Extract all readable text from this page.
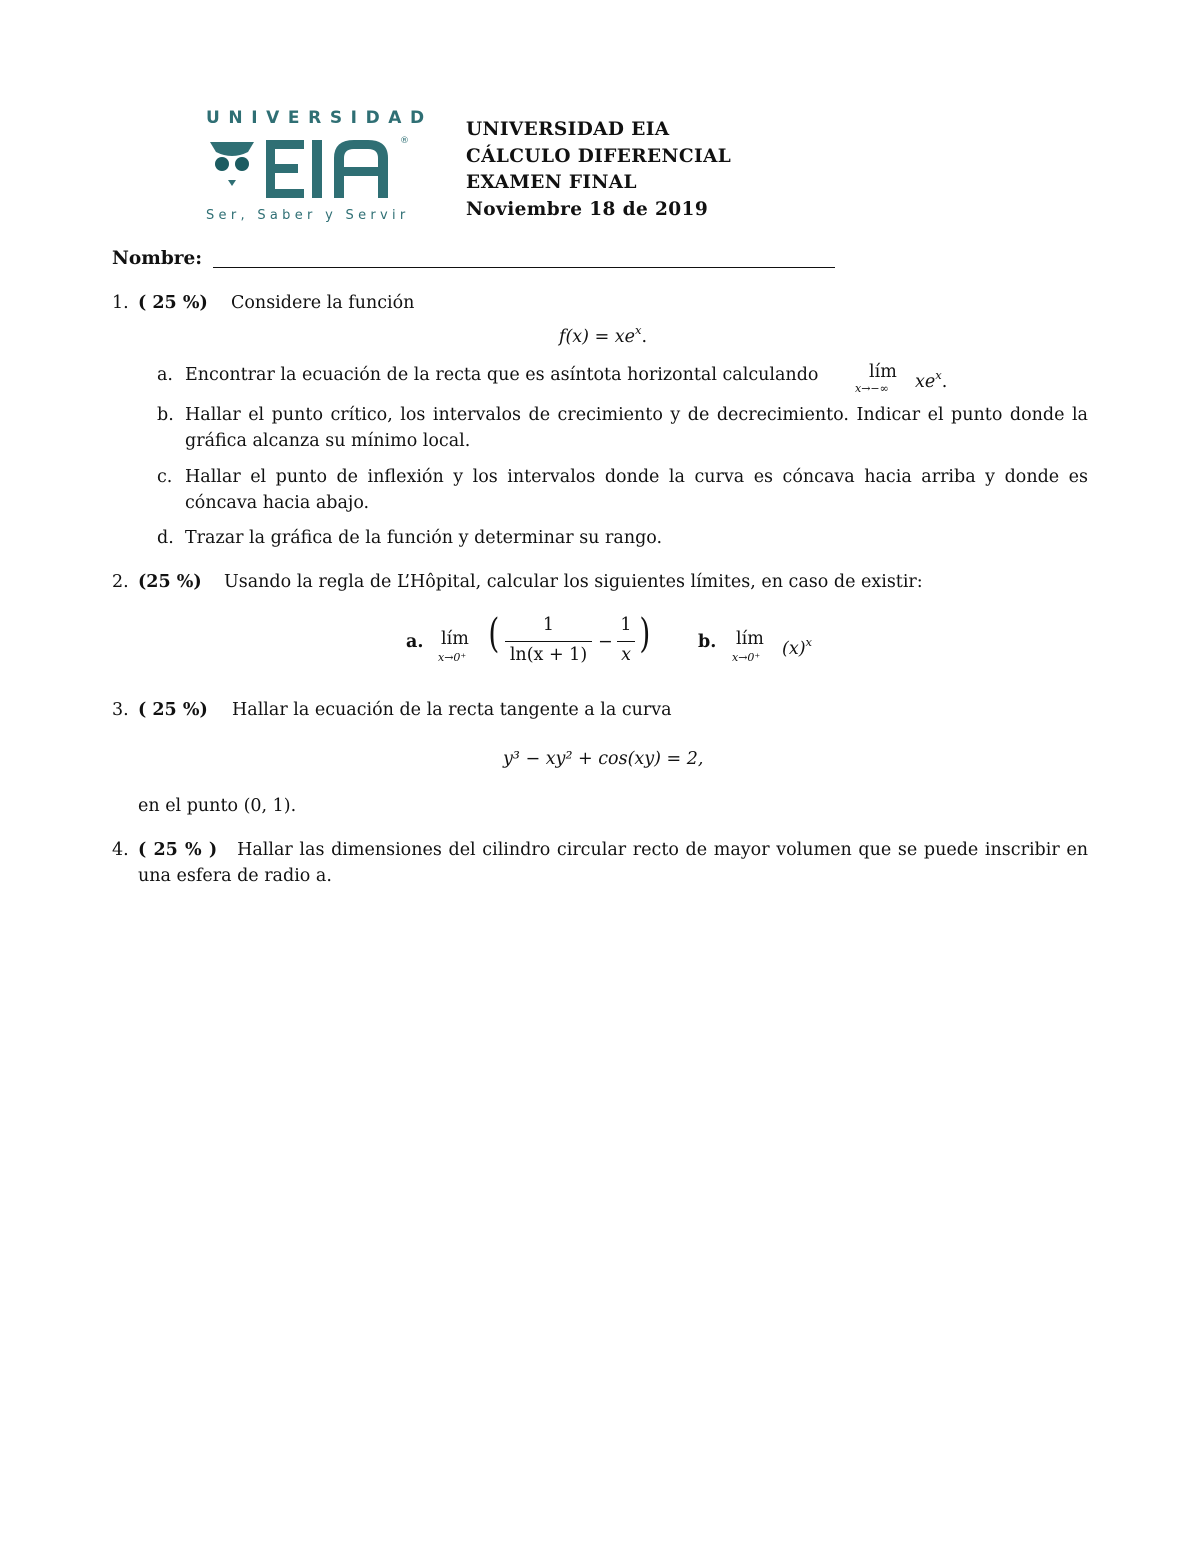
UNIVERSIDAD
®
Ser, Saber y Servir
UNIVERSIDAD EIA
CÁLCULO DIFERENCIAL
EXAMEN FINAL
Noviembre 18 de 2019
Nombre:
1. ( 25 %) Considere la función
$f(x) = xe^x$.
a. Encontrar la ecuación de la recta que es asíntota horizontal calculando	lím
x→−∞ $xe^x$.
b. Hallar el punto crítico, los intervalos de crecimiento y de decrecimiento. Indicar el punto donde la gráfica alcanza su mínimo local.
c. Hallar el punto de inflexión y los intervalos donde la curva es cóncava hacia arriba y donde es cóncava hacia abajo.
d. Trazar la gráfica de la función y determinar su rango.
2. (25 %) Usando la regla de L’Hôpital, calcular los siguientes límites, en caso de existir:
a. lím
x→0⁺
(	1
ln(x + 1)
−
1
x )	b. lím
x→0⁺ $(x)^x$
3. ( 25 %) Hallar la ecuación de la recta tangente a la curva
y³ − xy² + cos(xy) = 2,
en el punto (0, 1).
4. ( 25 % ) Hallar las dimensiones del cilindro circular recto de mayor volumen que se puede inscribir en una esfera de radio a.
